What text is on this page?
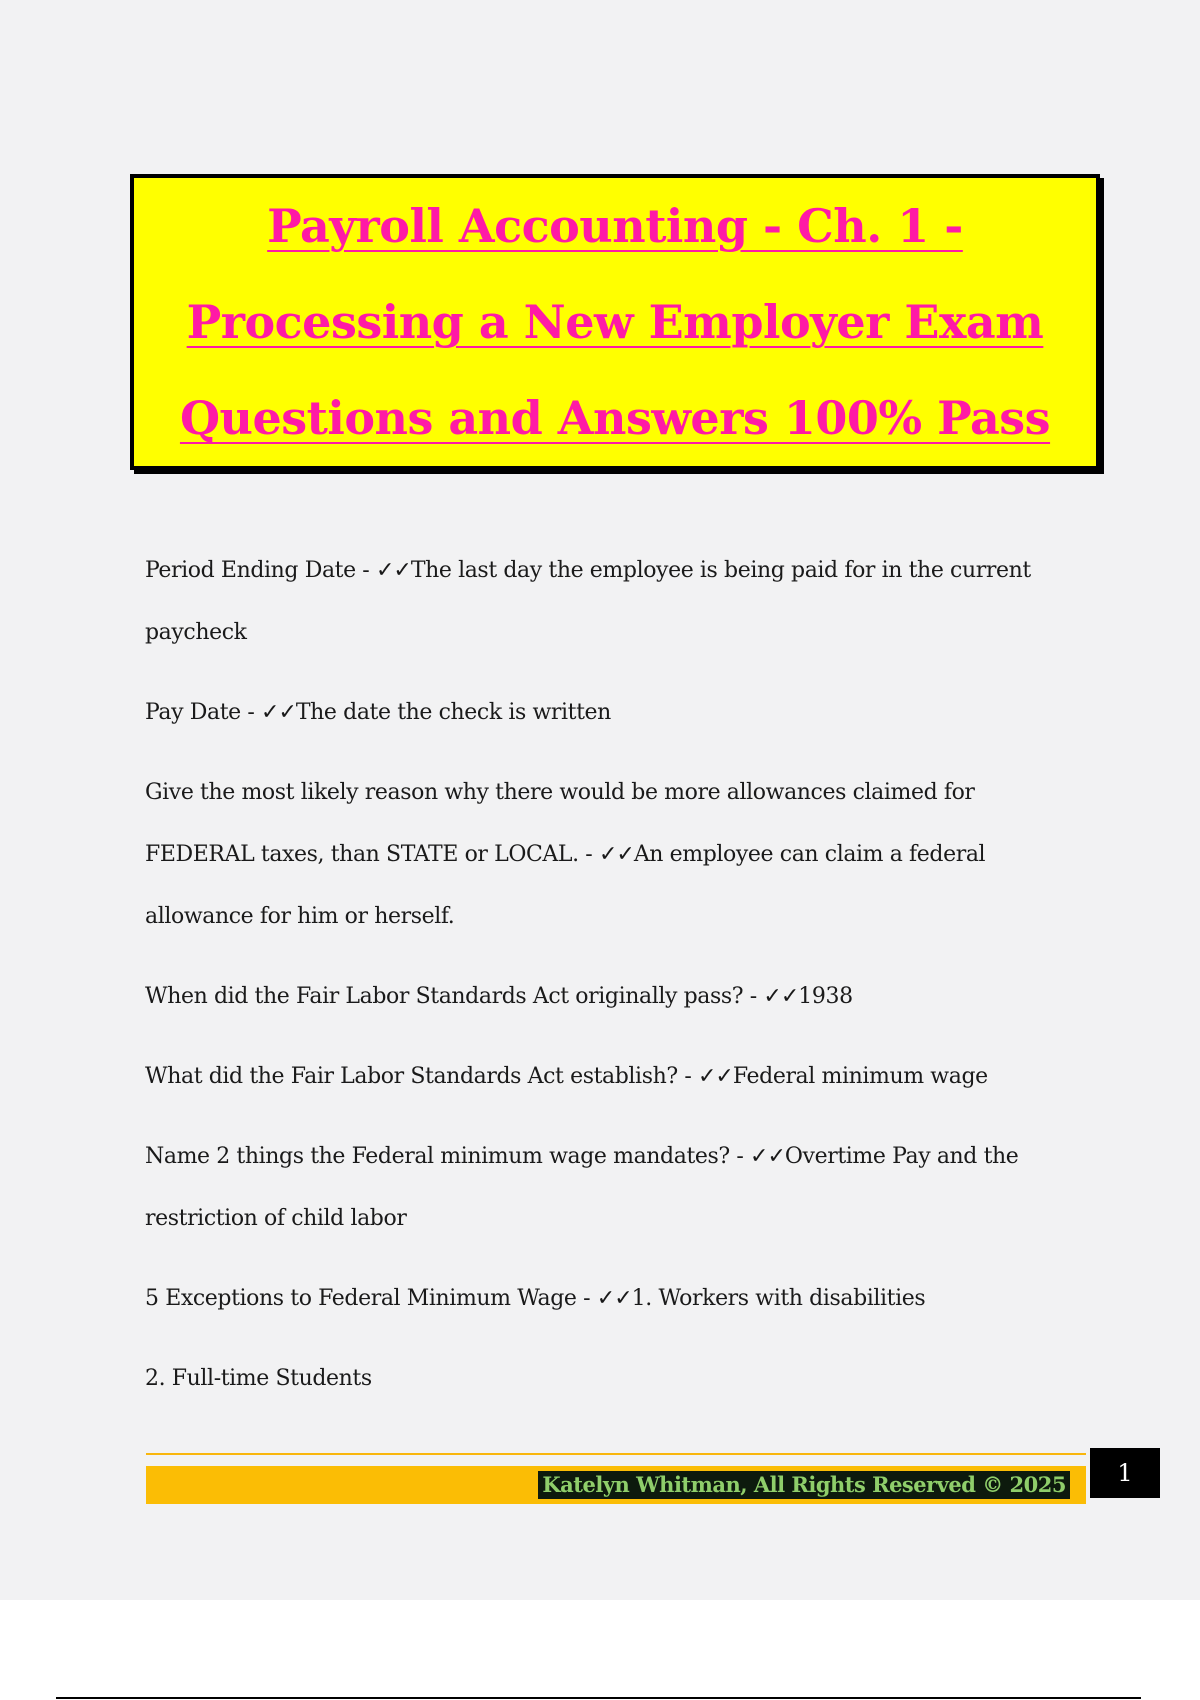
Payroll Accounting - Ch. 1 - Processing a New Employer Exam Questions and Answers 100% Pass

Period Ending Date - ✓✓The last day the employee is being paid for in the current paycheck

Pay Date - ✓✓The date the check is written

Give the most likely reason why there would be more allowances claimed for FEDERAL taxes, than STATE or LOCAL. - ✓✓An employee can claim a federal allowance for him or herself.

When did the Fair Labor Standards Act originally pass? - ✓✓1938

What did the Fair Labor Standards Act establish? - ✓✓Federal minimum wage

Name 2 things the Federal minimum wage mandates? - ✓✓Overtime Pay and the restriction of child labor

5 Exceptions to Federal Minimum Wage - ✓✓1. Workers with disabilities

2. Full-time Students

Katelyn Whitman, All Rights Reserved © 2025	1
